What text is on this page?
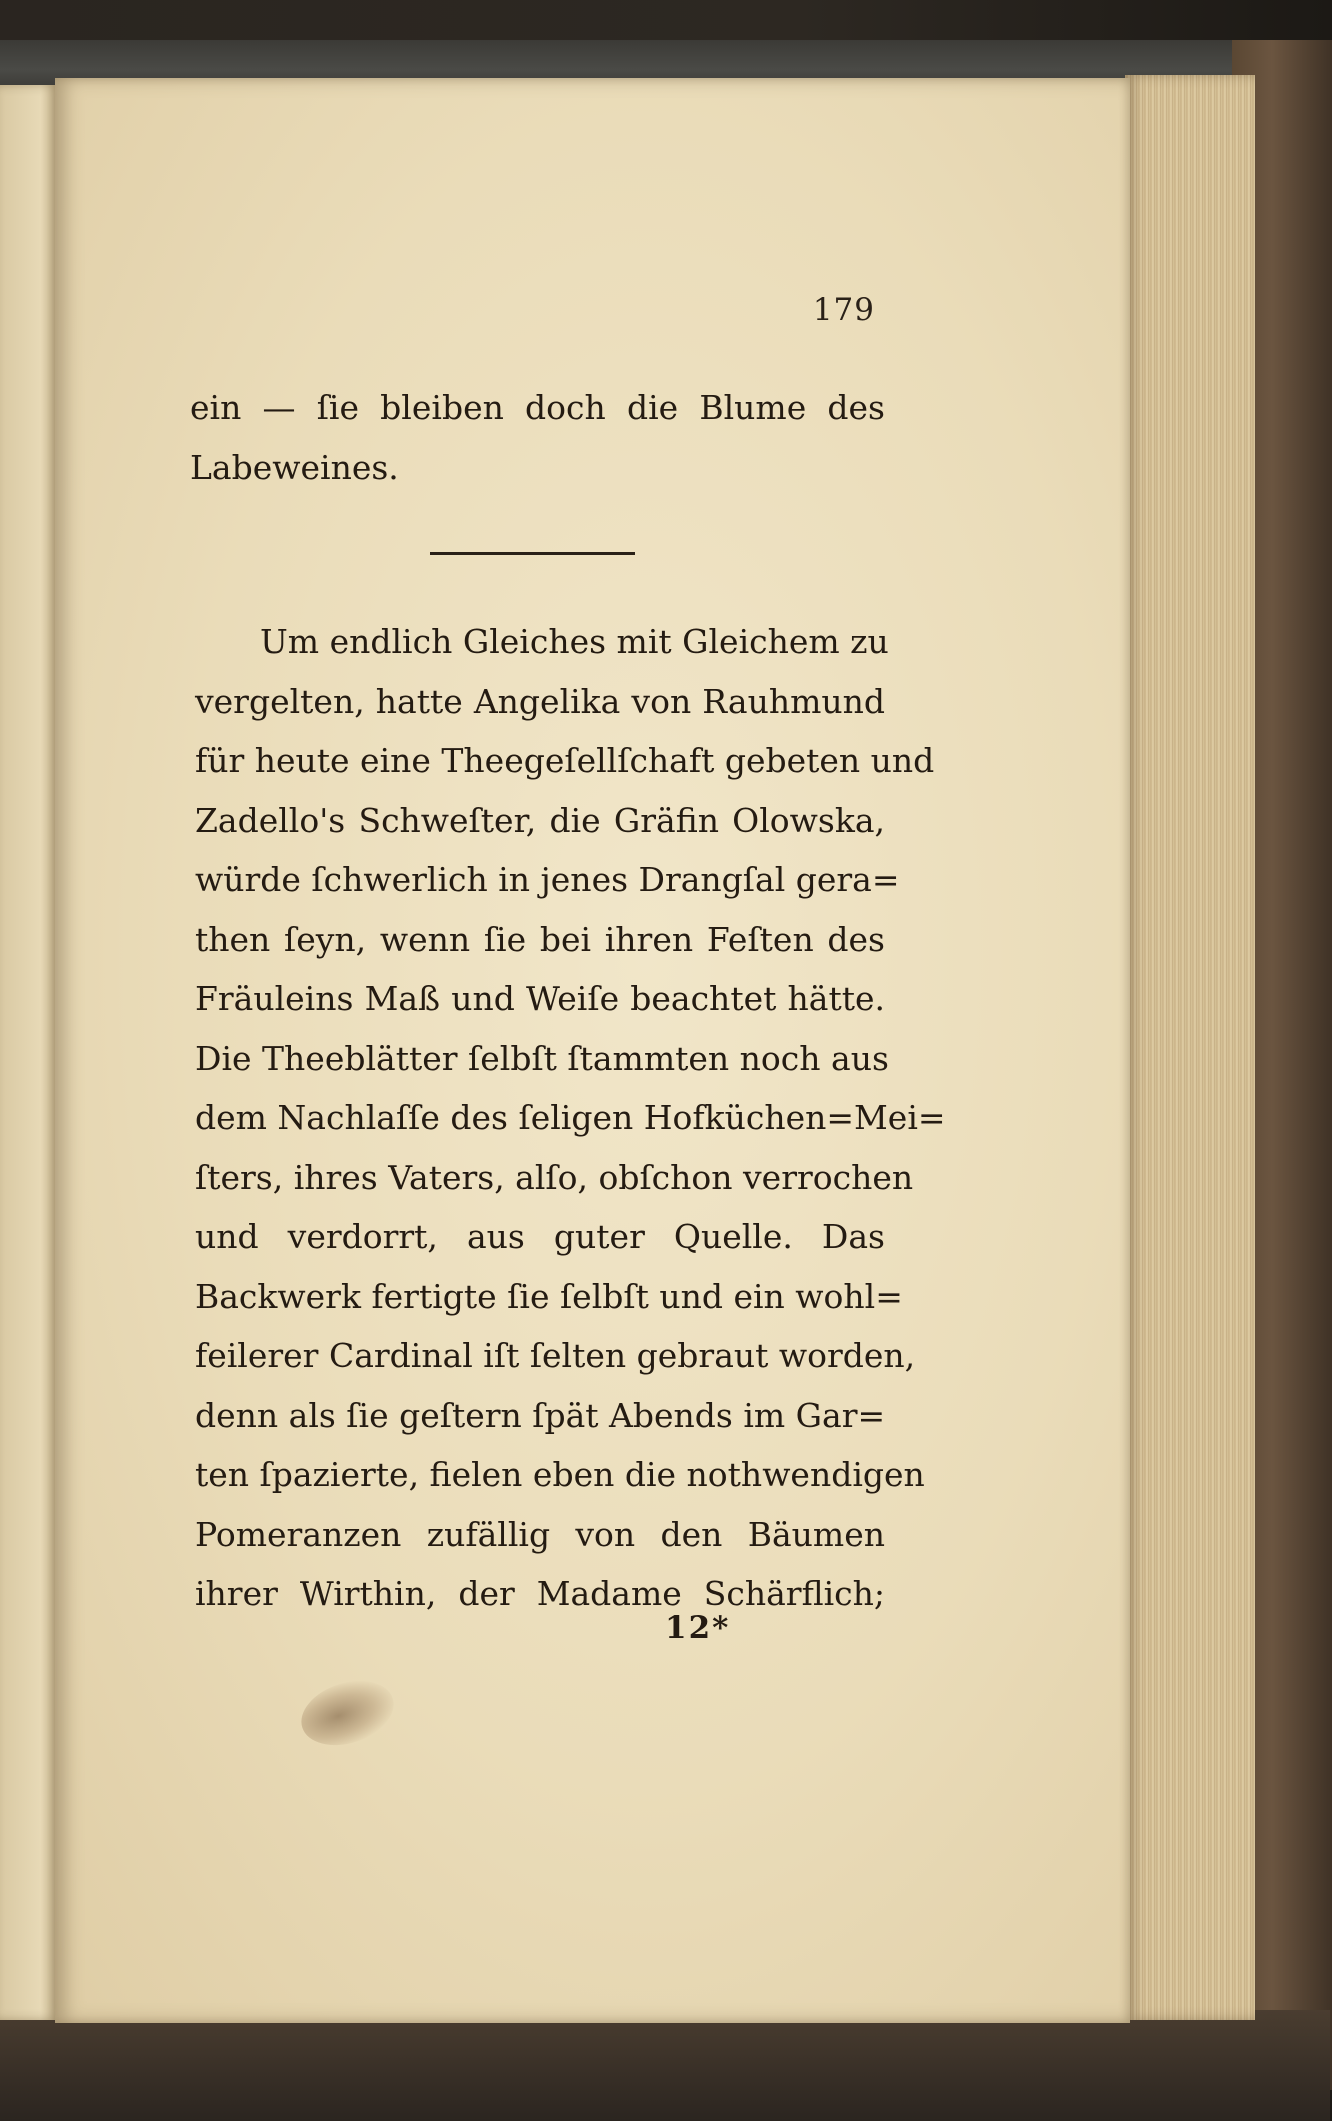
179
ein — ſie bleiben doch die Blume des
Labeweines.
Um endlich Gleiches mit Gleichem zu
vergelten, hatte Angelika von Rauhmund
für heute eine Theegeſellſchaft gebeten und
Zadello's Schweſter, die Gräfin Olowska,
würde ſchwerlich in jenes Drangſal gera=
then ſeyn, wenn ſie bei ihren Feſten des
Fräuleins Maß und Weiſe beachtet hätte.
Die Theeblätter ſelbſt ſtammten noch aus
dem Nachlaſſe des ſeligen Hofküchen=Mei=
ſters, ihres Vaters, alſo, obſchon verrochen
und verdorrt, aus guter Quelle. Das
Backwerk fertigte ſie ſelbſt und ein wohl=
feilerer Cardinal iſt ſelten gebraut worden,
denn als ſie geſtern ſpät Abends im Gar=
ten ſpazierte, fielen eben die nothwendigen
Pomeranzen zufällig von den Bäumen
ihrer Wirthin, der Madame Schärflich;
12*
